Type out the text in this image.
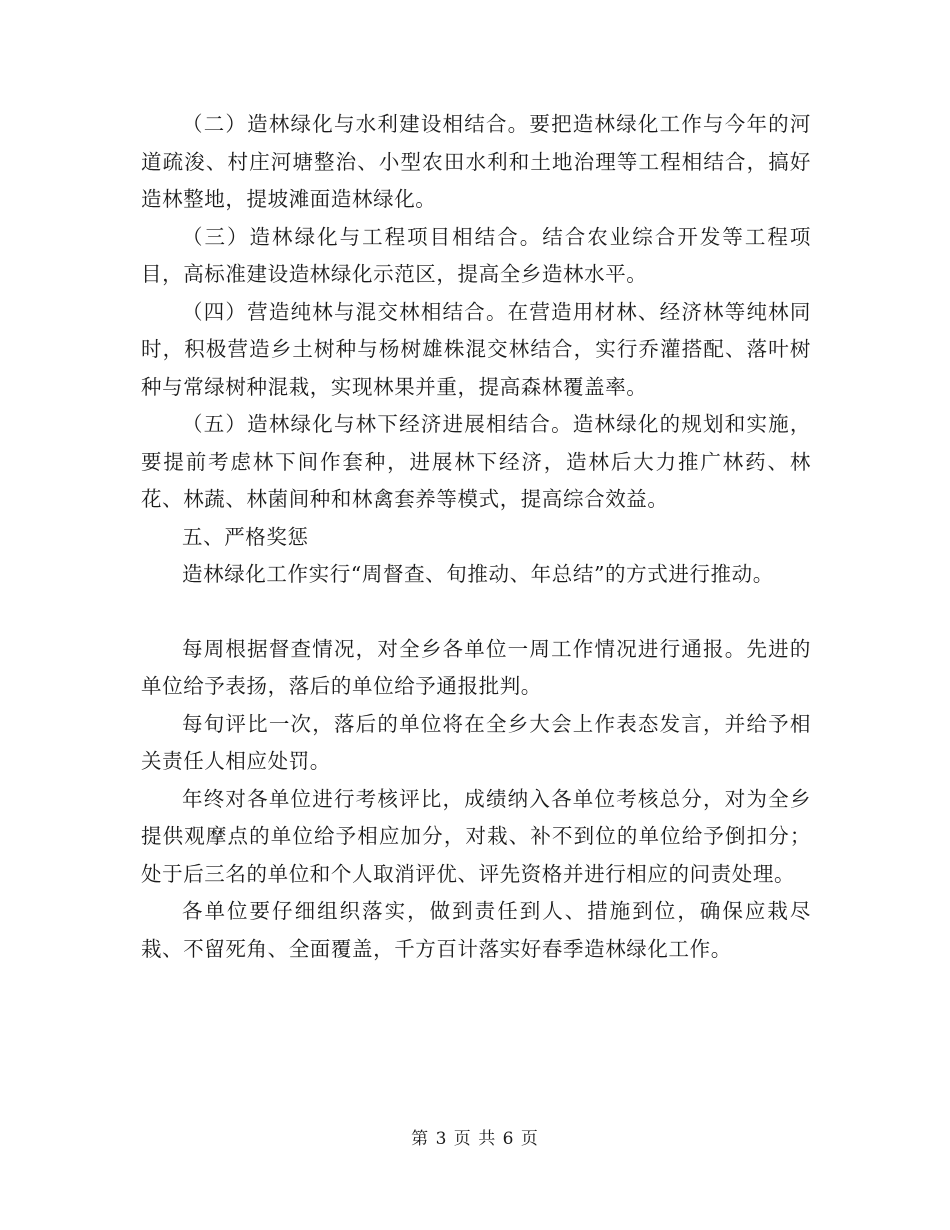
（二）造林绿化与水利建设相结合。要把造林绿化工作与今年的河道疏浚、村庄河塘整治、小型农田水利和土地治理等工程相结合，搞好造林整地，提坡滩面造林绿化。

（三）造林绿化与工程项目相结合。结合农业综合开发等工程项目，高标准建设造林绿化示范区，提高全乡造林水平。

（四）营造纯林与混交林相结合。在营造用材林、经济林等纯林同时，积极营造乡土树种与杨树雄株混交林结合，实行乔灌搭配、落叶树种与常绿树种混栽，实现林果并重，提高森林覆盖率。

（五）造林绿化与林下经济进展相结合。造林绿化的规划和实施，要提前考虑林下间作套种，进展林下经济，造林后大力推广林药、林花、林蔬、林菌间种和林禽套养等模式，提高综合效益。

五、严格奖惩

造林绿化工作实行“周督查、旬推动、年总结”的方式进行推动。

每周根据督查情况，对全乡各单位一周工作情况进行通报。先进的单位给予表扬，落后的单位给予通报批判。

每旬评比一次，落后的单位将在全乡大会上作表态发言，并给予相关责任人相应处罚。

年终对各单位进行考核评比，成绩纳入各单位考核总分，对为全乡提供观摩点的单位给予相应加分，对栽、补不到位的单位给予倒扣分；处于后三名的单位和个人取消评优、评先资格并进行相应的问责处理。

各单位要仔细组织落实，做到责任到人、措施到位，确保应栽尽栽、不留死角、全面覆盖，千方百计落实好春季造林绿化工作。

第 3 页 共 6 页
